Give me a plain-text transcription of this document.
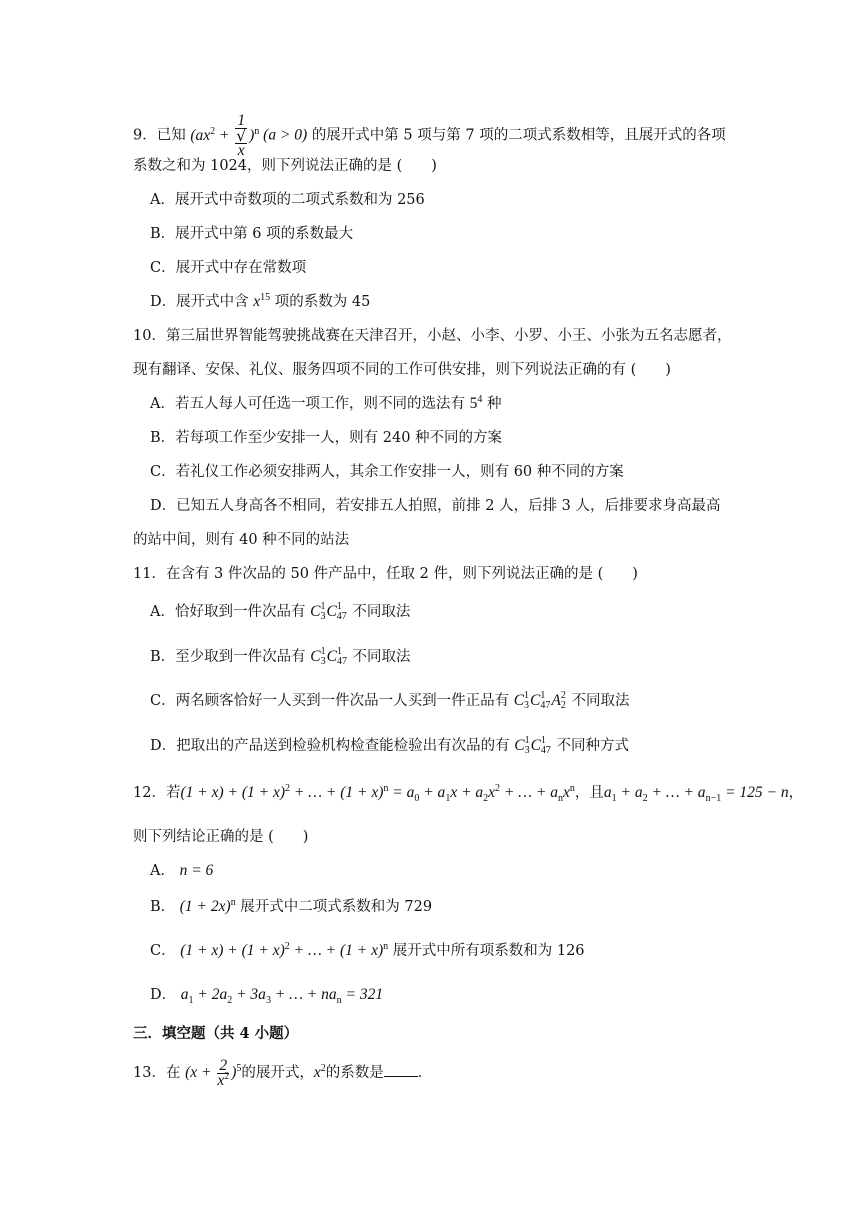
9．已知 ($ax^2 + 1$
√
x )$^n$ (a > 0) 的展开式中第 5 项与第 7 项的二项式系数相等，且展开式的各项
系数之和为 1024，则下列说法正确的是 (　　)
A．展开式中奇数项的二项式系数和为 256
B．展开式中第 6 项的系数最大
C．展开式中存在常数项
D．展开式中含 $x^{15}$ 项的系数为 45
10．第三届世界智能驾驶挑战赛在天津召开，小赵、小李、小罗、小王、小张为五名志愿者，
现有翻译、安保、礼仪、服务四项不同的工作可供安排，则下列说法正确的有 (　　)
A．若五人每人可任选一项工作，则不同的选法有 $5^4$ 种
B．若每项工作至少安排一人，则有 240 种不同的方案
C．若礼仪工作必须安排两人，其余工作安排一人，则有 60 种不同的方案
D．已知五人身高各不相同，若安排五人拍照，前排 2 人，后排 3 人，后排要求身高最高
的站中间，则有 40 种不同的站法
11．在含有 3 件次品的 50 件产品中，任取 2 件，则下列说法正确的是 (　　)
A．恰好取到一件次品有 C 1
3 C 1
47 不同取法
B．至少取到一件次品有 C 1
3 C 1
47 不同取法
C．两名顾客恰好一人买到一件次品一人买到一件正品有 C 1
3 C 1
47 A 2
2 不同取法
D．把取出的产品送到检验机构检查能检验出有次品的有 C 1
3 C 1
47 不同种方式
12．若$(1 + x) + (1 + x)^2$ + … + $(1 + x)^n = a_0 + a_1x + a_2x^2$ + … + $a_nx^n$，且$a_1 + a_2$ + … + $a_{n-1} = 125 - n$，
则下列结论正确的是 (　　)
A． n = 6
B． $(1 + 2x)^n$ 展开式中二项式系数和为 729
C． $(1 + x) + (1 + x)^2$ + … + $(1 + x)^n$ 展开式中所有项系数和为 126
D． $a_1 + 2a_2 + 3a_3$ + … + $na_n = 321$
三．填空题（共 4 小题）
13．在 $(x + \frac{2}{x^2} )^5$的展开式，$x^2$的系数是 ．
